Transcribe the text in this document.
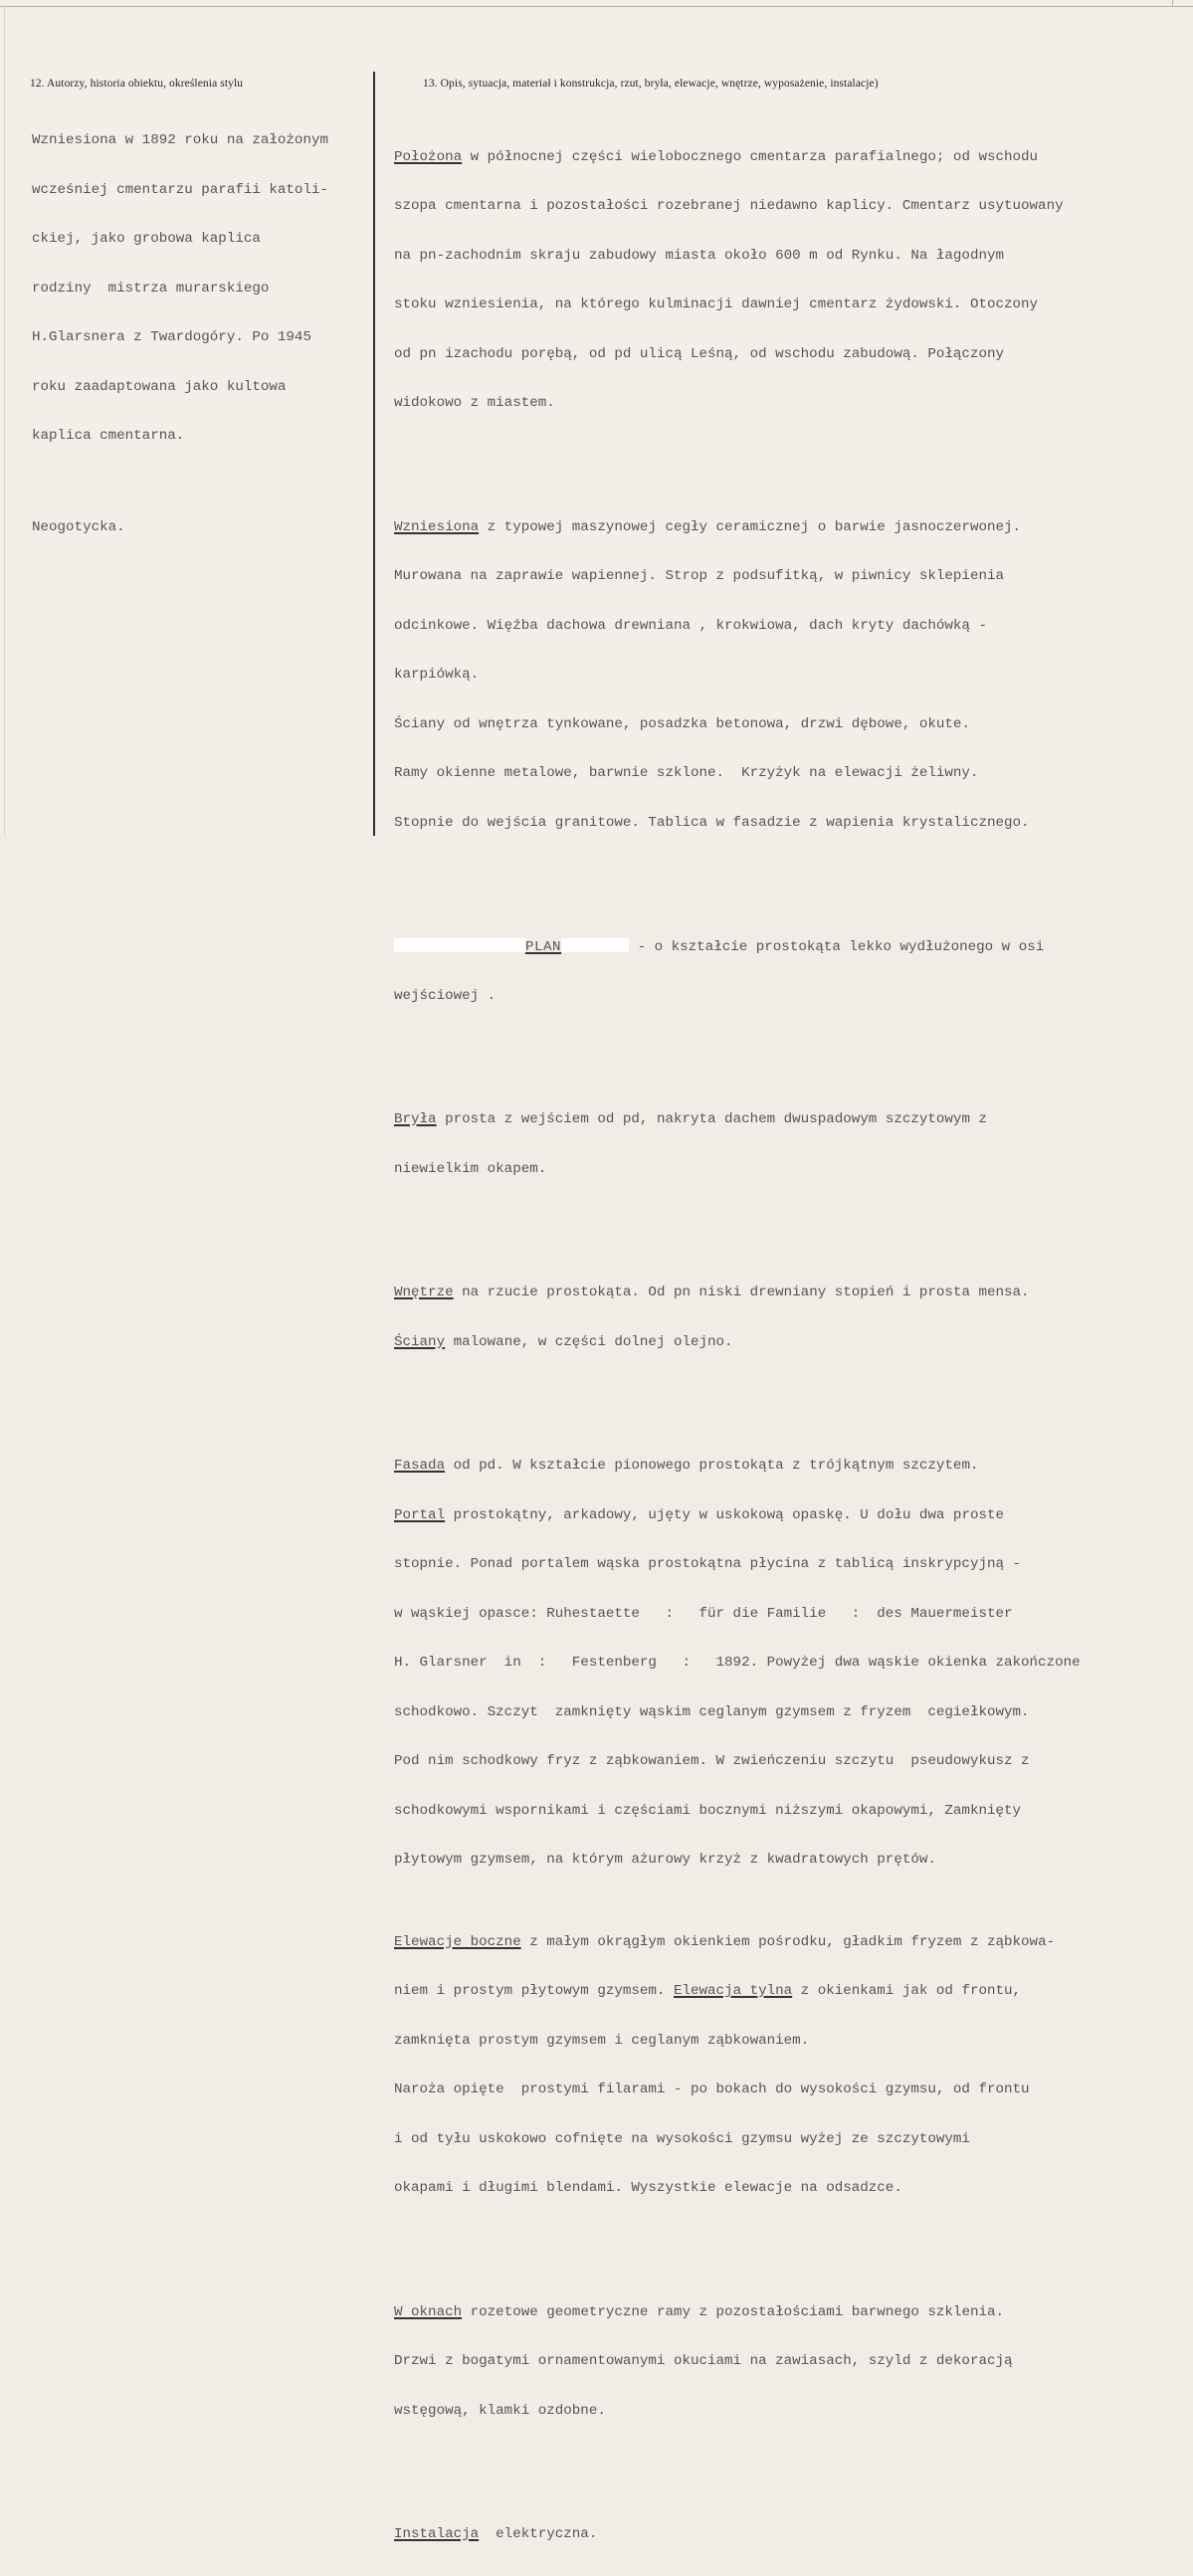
12. Autorzy, historia obiektu, określenia stylu	13. Opis, sytuacja, materiał i konstrukcja, rzut, bryła, elewacje, wnętrze, wyposażenie, instalacje)

Wzniesiona w 1892 roku na założonym

wcześniej cmentarzu parafii katoli-

ckiej, jako grobowa kaplica

rodziny  mistrza murarskiego

H.Glarsnera z Twardogóry. Po 1945

roku zaadaptowana jako kultowa

kaplica cmentarna.

Neogotycka.

Położona w północnej części wielobocznego cmentarza parafialnego; od wschodu

szopa cmentarna i pozostałości rozebranej niedawno kaplicy. Cmentarz usytuowany

na pn-zachodnim skraju zabudowy miasta około 600 m od Rynku. Na łagodnym

stoku wzniesienia, na którego kulminacji dawniej cmentarz żydowski. Otoczony

od pn izachodu porębą, od pd ulicą Leśną, od wschodu zabudową. Połączony

widokowo z miastem.

Wzniesiona z typowej maszynowej cegły ceramicznej o barwie jasnoczerwonej.

Murowana na zaprawie wapiennej. Strop z podsufitką, w piwnicy sklepienia

odcinkowe. Więźba dachowa drewniana , krokwiowa, dach kryty dachówką -

karpiówką.

Ściany od wnętrza tynkowane, posadzka betonowa, drzwi dębowe, okute.

Ramy okienne metalowe, barwnie szklone.  Krzyżyk na elewacji żeliwny.

Stopnie do wejścia granitowe. Tablica w fasadzie z wapienia krystalicznego.

PLAN	- o kształcie prostokąta lekko wydłużonego w osi

wejściowej .

Bryła prosta z wejściem od pd, nakryta dachem dwuspadowym szczytowym z

niewielkim okapem.

Wnętrze na rzucie prostokąta. Od pn niski drewniany stopień i prosta mensa.

Ściany malowane, w części dolnej olejno.

Fasada od pd. W kształcie pionowego prostokąta z trójkątnym szczytem.

Portal prostokątny, arkadowy, ujęty w uskokową opaskę. U dołu dwa proste

stopnie. Ponad portalem wąska prostokątna płycina z tablicą inskrypcyjną -

w wąskiej opasce: Ruhestaette   :   für die Familie   :  des Mauermeister

H. Glarsner  in  :   Festenberg   :   1892. Powyżej dwa wąskie okienka zakończone

schodkowo. Szczyt  zamknięty wąskim ceglanym gzymsem z fryzem  cegiełkowym.

Pod nim schodkowy fryz z ząbkowaniem. W zwieńczeniu szczytu  pseudowykusz z

schodkowymi wspornikami i częściami bocznymi niższymi okapowymi, Zamknięty

płytowym gzymsem, na którym ażurowy krzyż z kwadratowych prętów.

Elewacje boczne z małym okrągłym okienkiem pośrodku, gładkim fryzem z ząbkowa-

niem i prostym płytowym gzymsem. Elewacja tylna z okienkami jak od frontu,

zamknięta prostym gzymsem i ceglanym ząbkowaniem.

Naroża opięte  prostymi filarami - po bokach do wysokości gzymsu, od frontu

i od tyłu uskokowo cofnięte na wysokości gzymsu wyżej ze szczytowymi

okapami i długimi blendami. Wyszystkie elewacje na odsadzce.

W oknach rozetowe geometryczne ramy z pozostałościami barwnego szklenia.

Drzwi z bogatymi ornamentowanymi okuciami na zawiasach, szyld z dekoracją

wstęgową, klamki ozdobne.

Instalacja  elektryczna.
